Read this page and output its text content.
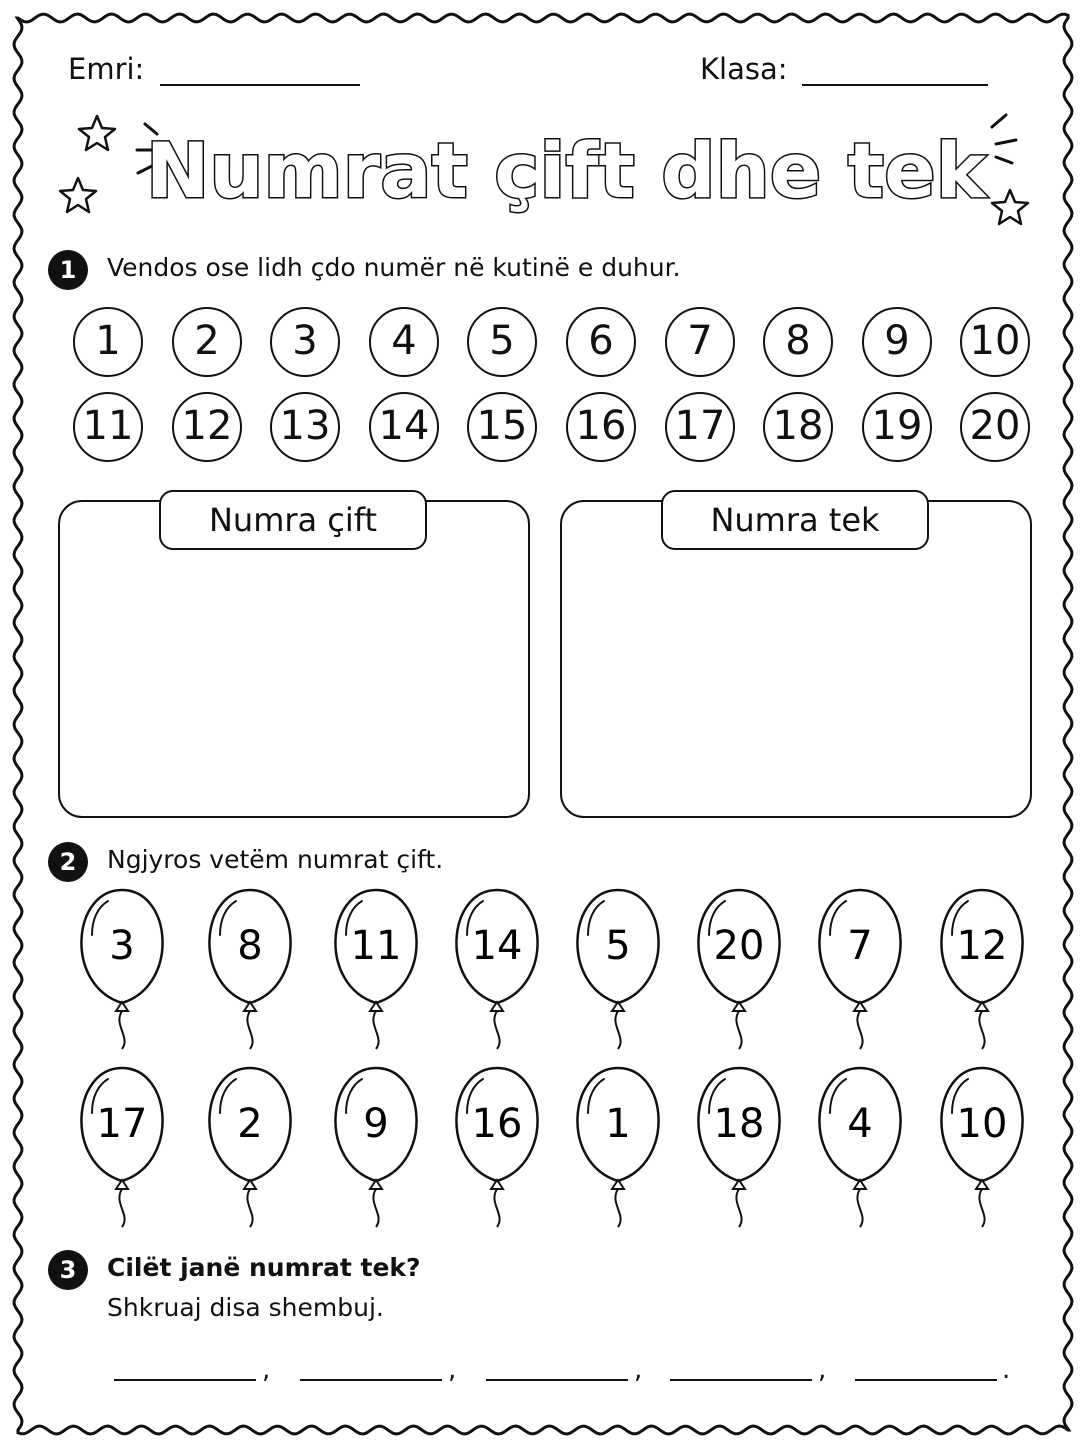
Emri:	Klasa:
Numrat çift dhe tek
1	Vendos ose lidh çdo numër në kutinë e duhur.
1	2	3	4	5	6	7	8	9	10
11 12 13 14 15 16 17 18 19 20
Numra çift	Numra tek
2	Ngjyros vetëm numrat çift.
3	8 11 14 5 20 7 12
17 2	9 16 1 18 4 10
3	Cilët janë numrat tek?
Shkruaj disa shembuj.
,	,	,	,	.
